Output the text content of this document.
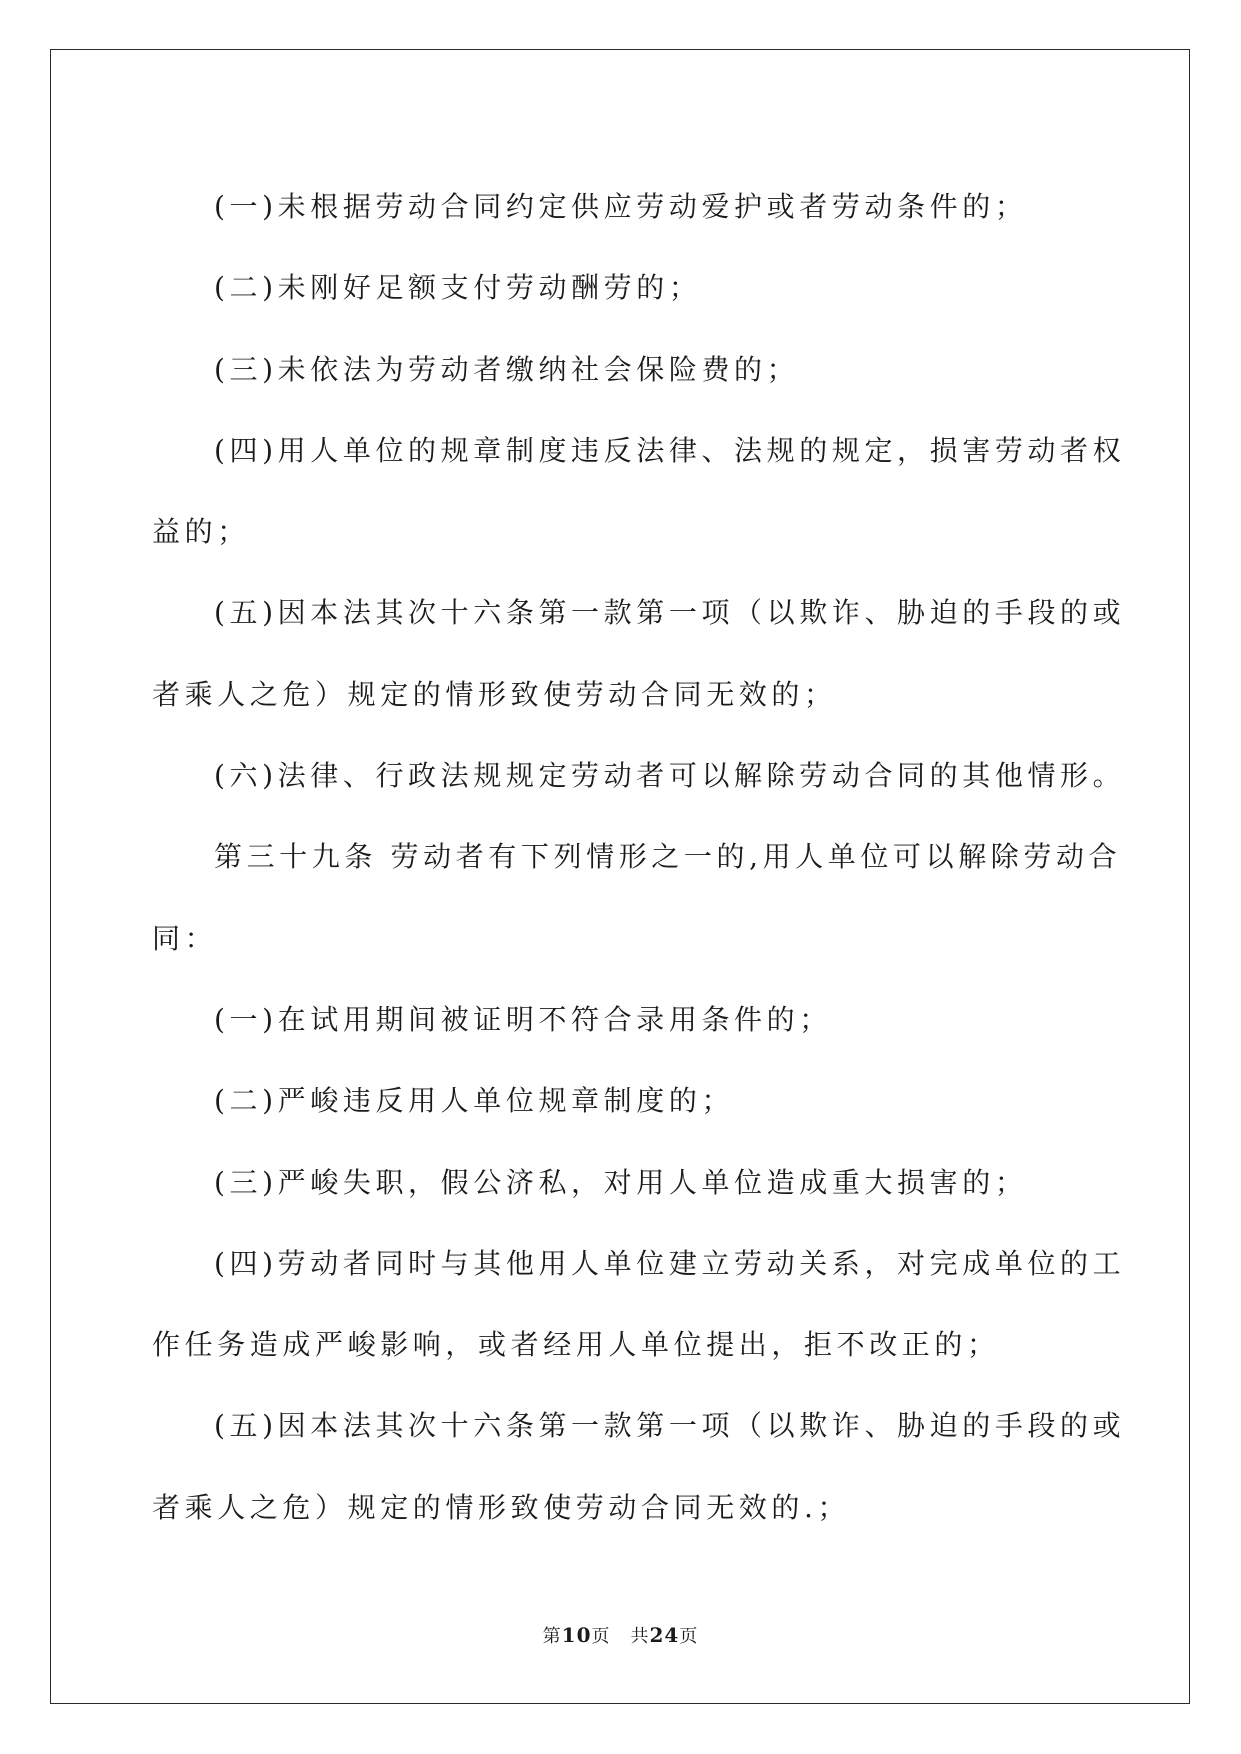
(一)未根据劳动合同约定供应劳动爱护或者劳动条件的；

(二)未刚好足额支付劳动酬劳的；

(三)未依法为劳动者缴纳社会保险费的；

(四)用人单位的规章制度违反法律、法规的规定，损害劳动者权

益的；

(五)因本法其次十六条第一款第一项（以欺诈、胁迫的手段的或

者乘人之危）规定的情形致使劳动合同无效的；

(六)法律、行政法规规定劳动者可以解除劳动合同的其他情形。

第三十九条 劳动者有下列情形之一的,用人单位可以解除劳动合

同：

(一)在试用期间被证明不符合录用条件的；

(二)严峻违反用人单位规章制度的；

(三)严峻失职，假公济私，对用人单位造成重大损害的；

(四)劳动者同时与其他用人单位建立劳动关系，对完成单位的工

作任务造成严峻影响，或者经用人单位提出，拒不改正的；

(五)因本法其次十六条第一款第一项（以欺诈、胁迫的手段的或

者乘人之危）规定的情形致使劳动合同无效的.；

第10页 共24页
